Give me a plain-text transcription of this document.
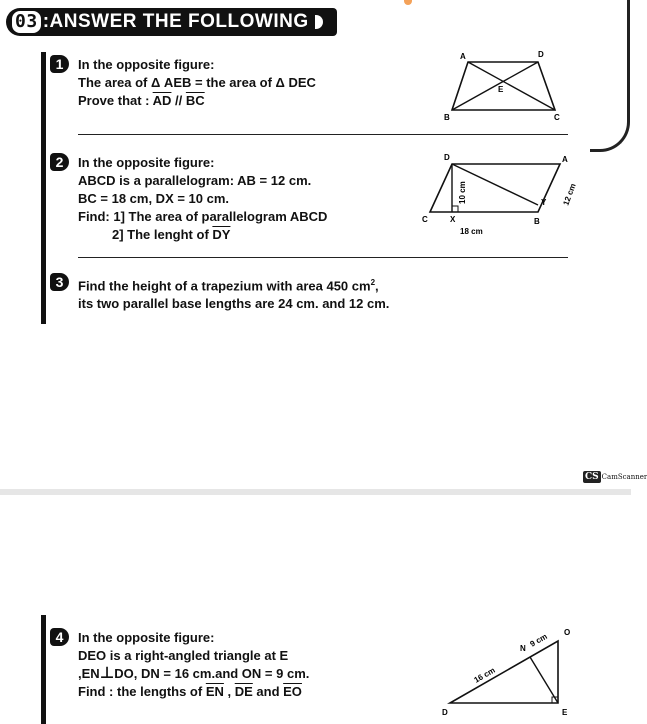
03 : ANSWER THE FOLLOWING
1	In the opposite figure:
The area of Δ AEB = the area of Δ DEC
Prove that : $\overline{AD} // \overline{BC}$
A	D
E
B	C
2	In the opposite figure:
ABCD is a parallelogram: AB = 12 cm.
BC = 18 cm, DX = 10 cm.
Find: 1] The area of parallelogram ABCD
2] The lenght of $\overline{DY}$
D	A
C	X	B
Y
10 cm	12 cm
18 cm
3	Find the height of a trapezium with area 450 $cm^2$,
its two parallel base lengths are 24 cm. and 12 cm.
CS CamScanner
4	In the opposite figure:
DEO is a right-angled triangle at E
,EN⊥DO, DN = 16 cm.and ON = 9 cm.
Find : the lengths of $\overline{EN}$ , $\overline{DE}$ and $\overline{EO}$
O
N
D	E
16 cm
9 cm
